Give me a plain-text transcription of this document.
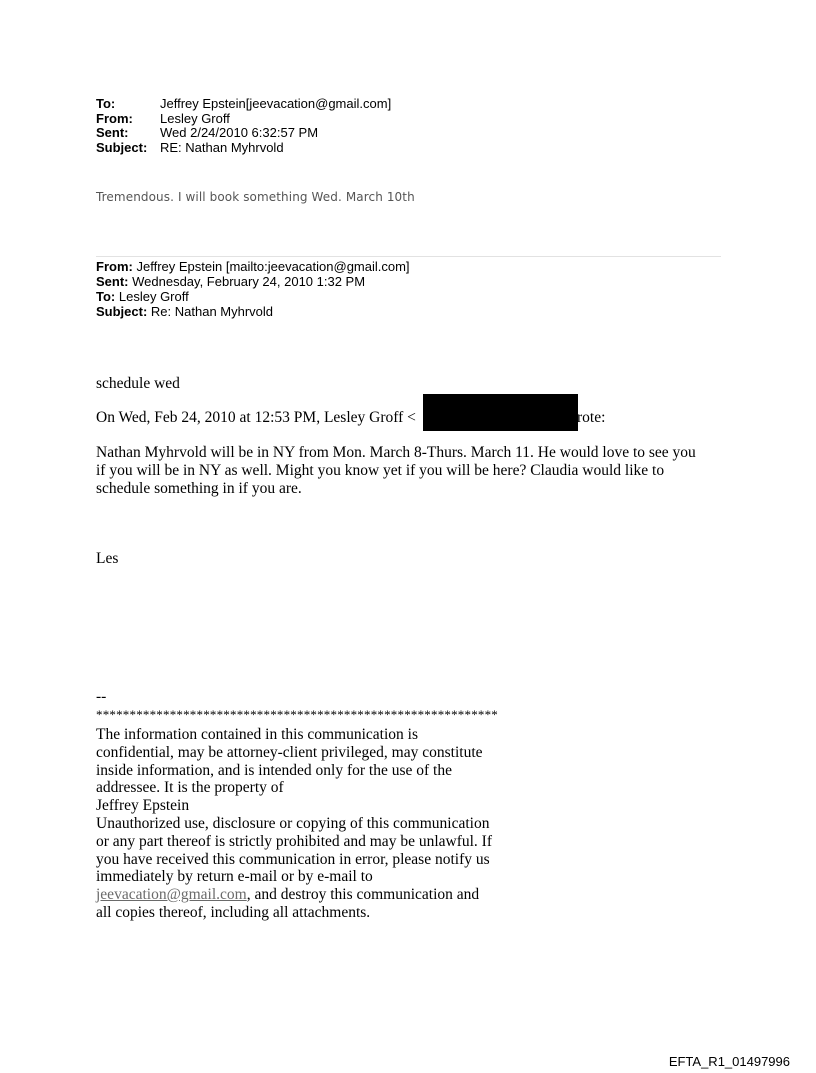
To:	Jeffrey Epstein[jeevacation@gmail.com]
From: Lesley Groff
Sent: Wed 2/24/2010 6:32:57 PM
Subject: RE: Nathan Myhrvold
Tremendous. I will book something Wed. March 10th
From: Jeffrey Epstein [mailto:jeevacation@gmail.com]
Sent: Wednesday, February 24, 2010 1:32 PM
To: Lesley Groff
Subject: Re: Nathan Myhrvold
schedule wed
On Wed, Feb 24, 2010 at 12:53 PM, Lesley Groff <	rote:
Nathan Myhrvold will be in NY from Mon. March 8-Thurs. March 11. He would love to see you
if you will be in NY as well. Might you know yet if you will be here? Claudia would like to
schedule something in if you are.
Les
--
************************************************************
The information contained in this communication is confidential, may be attorney-client privileged, may constitute inside information, and is intended only for the use of the addressee. It is the property of
Jeffrey Epstein
Unauthorized use, disclosure or copying of this communication or any part thereof is strictly prohibited and may be unlawful. If you have received this communication in error, please notify us immediately by return e-mail or by e-mail to jeevacation@gmail.com, and destroy this communication and all copies thereof, including all attachments.
EFTA_R1_01497996
